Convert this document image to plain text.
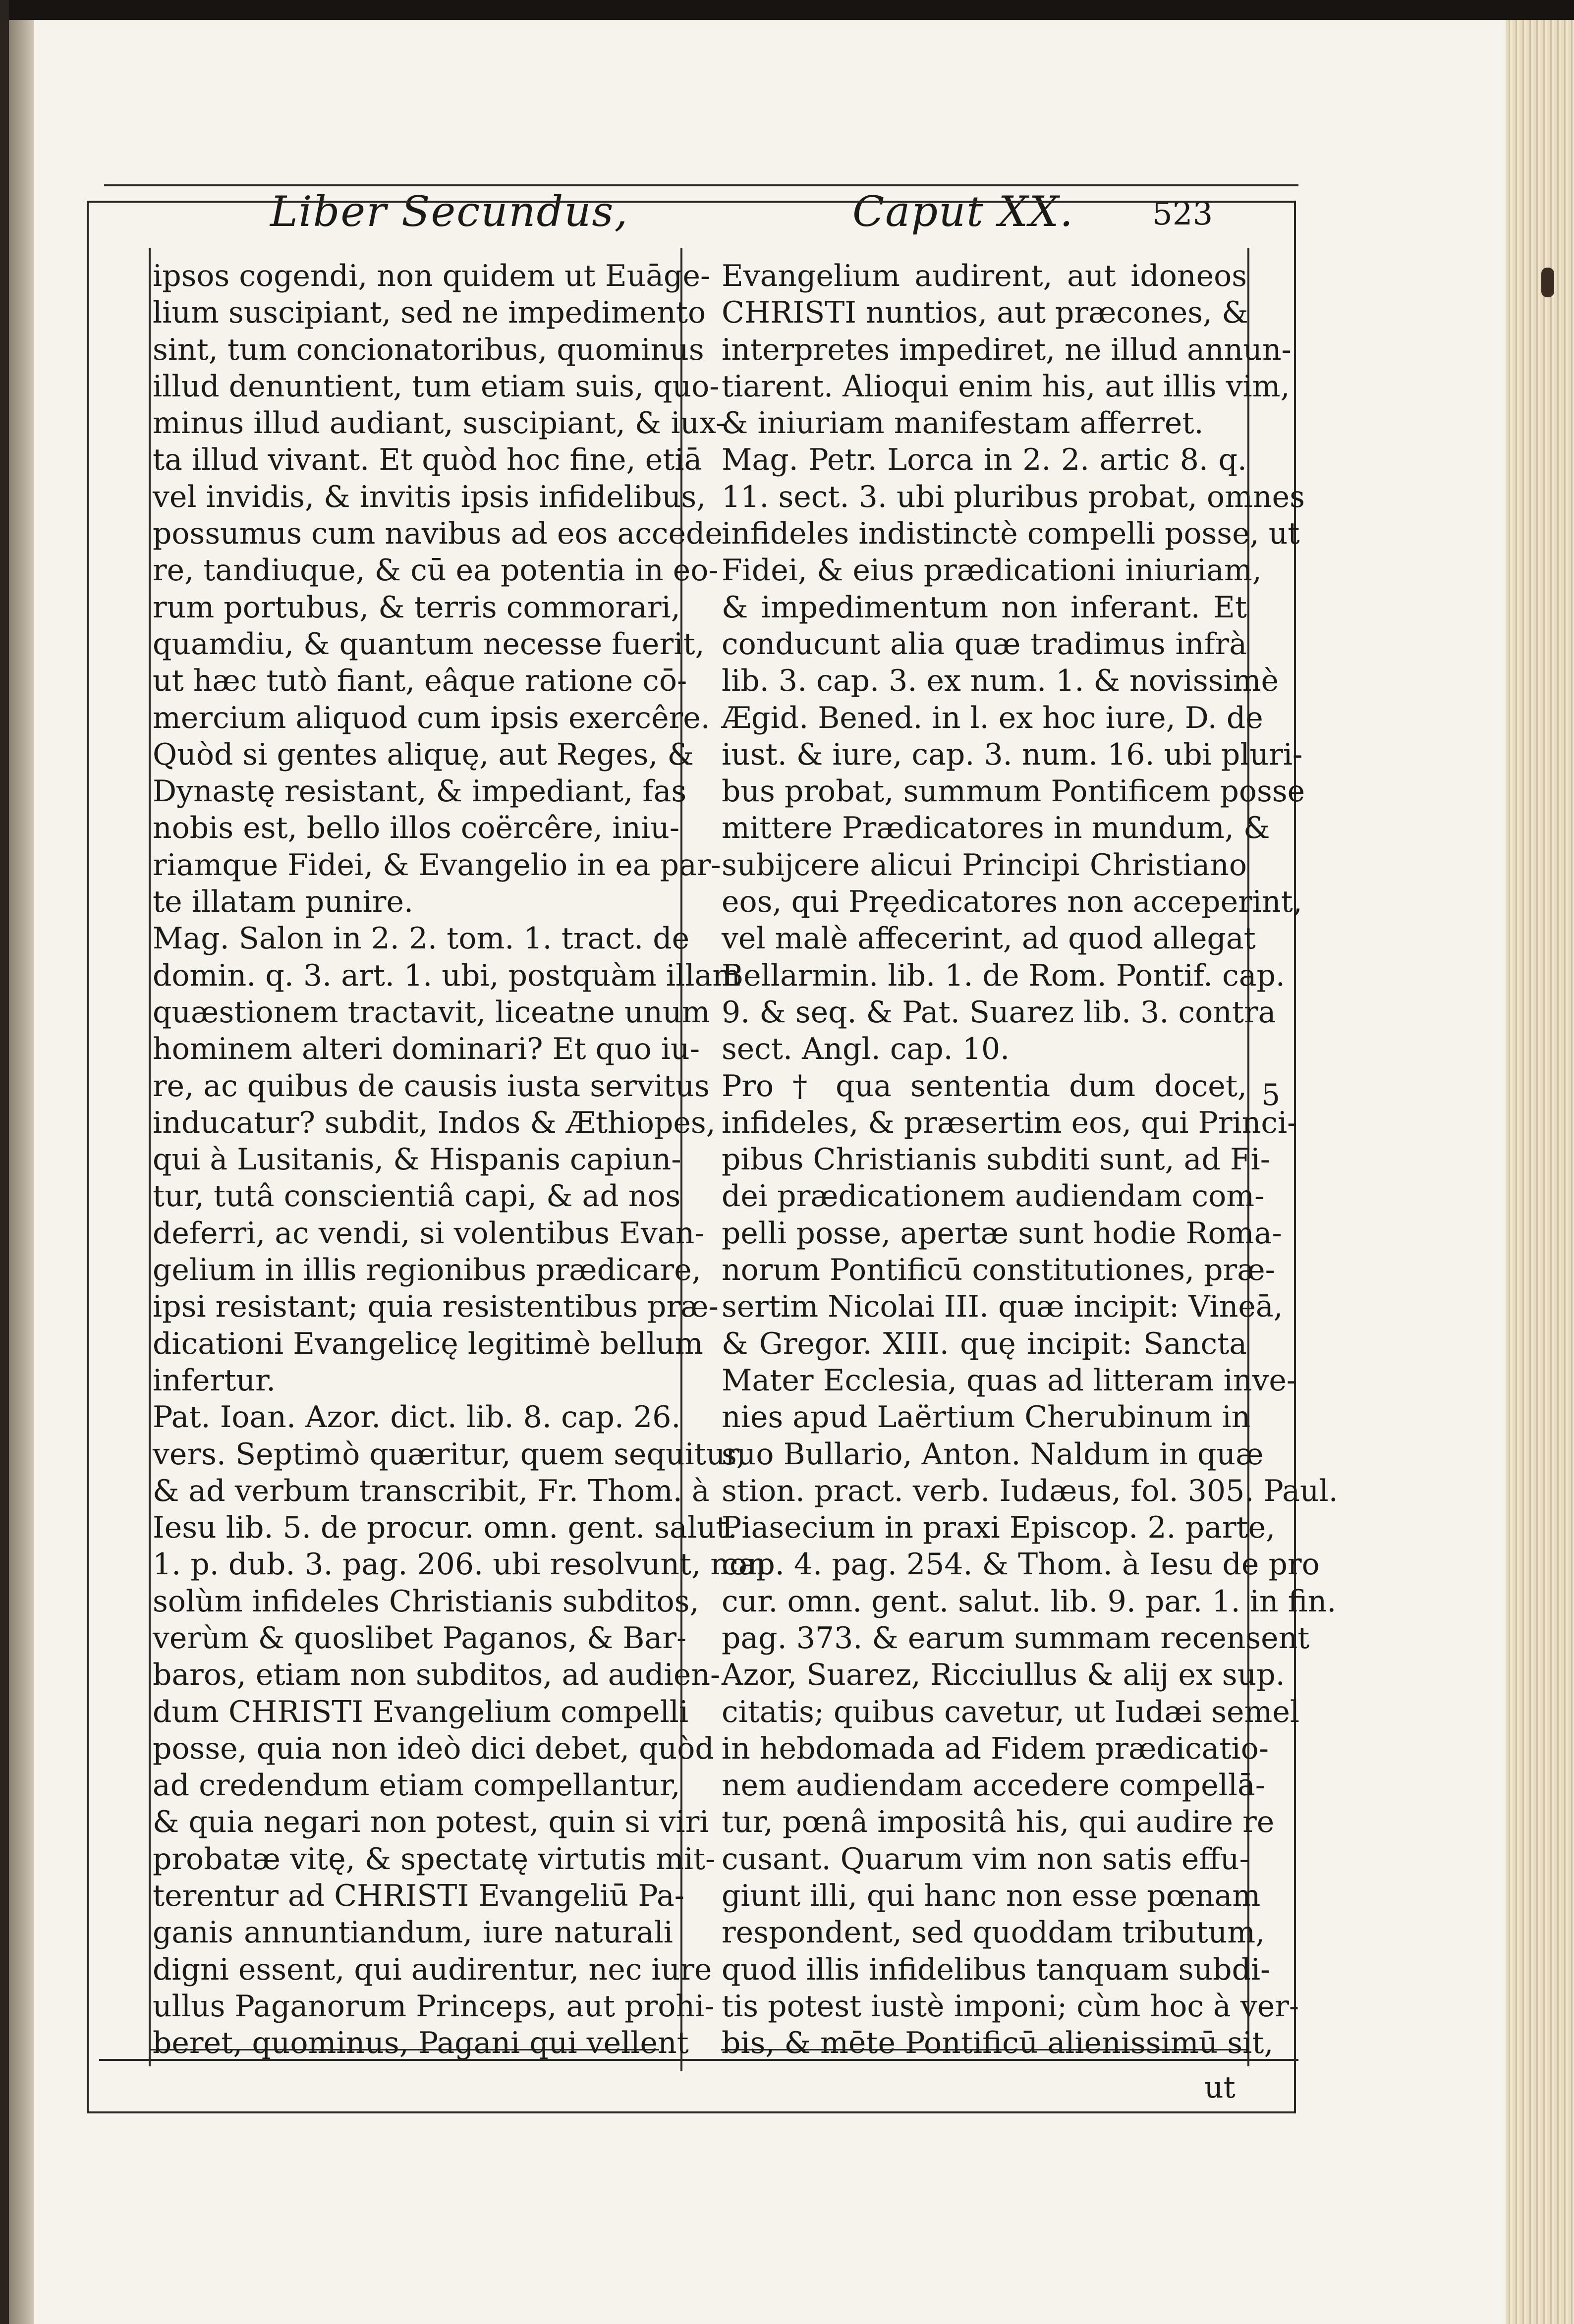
Liber Secundus,	Caput XX. 523
ipsos cogendi, non quidem ut Euāge-
lium suscipiant, sed ne impedimento
sint, tum concionatoribus, quominus
illud denuntient, tum etiam suis, quo-
minus illud audiant, suscipiant, & iux-
ta illud vivant. Et quòd hoc fine, etiā
vel invidis, & invitis ipsis infidelibus,
possumus cum navibus ad eos accede
re, tandiuque, & cū ea potentia in eo-
rum portubus, & terris commorari,
quamdiu, & quantum necesse fuerit,
ut hæc tutò fiant, eâque ratione cō-
mercium aliquod cum ipsis exercêre.
Quòd si gentes aliquę, aut Reges, &
Dynastę resistant, & impediant, fas
nobis est, bello illos coërcêre, iniu-
riamque Fidei, & Evangelio in ea par-
te illatam punire.
Mag. Salon in 2. 2. tom. 1. tract. de
domin. q. 3. art. 1. ubi, postquàm illam
quæstionem tractavit, liceatne unum
hominem alteri dominari? Et quo iu-
re, ac quibus de causis iusta servitus
inducatur? subdit, Indos & Æthiopes,
qui à Lusitanis, & Hispanis capiun-
tur, tutâ conscientiâ capi, & ad nos
deferri, ac vendi, si volentibus Evan-
gelium in illis regionibus prædicare,
ipsi resistant; quia resistentibus præ-
dicationi Evangelicę legitimè bellum
infertur.
Pat. Ioan. Azor. dict. lib. 8. cap. 26.
vers. Septimò quæritur, quem sequitur,
& ad verbum transcribit, Fr. Thom. à
Iesu lib. 5. de procur. omn. gent. salut.
1. p. dub. 3. pag. 206. ubi resolvunt, non
solùm infideles Christianis subditos,
verùm & quoslibet Paganos, & Bar-
baros, etiam non subditos, ad audien-
dum CHRISTI Evangelium compelli
posse, quia non ideò dici debet, quòd
ad credendum etiam compellantur,
& quia negari non potest, quin si viri
probatæ vitę, & spectatę virtutis mit-
terentur ad CHRISTI Evangeliū Pa-
ganis annuntiandum, iure naturali
digni essent, qui audirentur, nec iure
ullus Paganorum Princeps, aut prohi-
beret, quominus, Pagani qui vellent
Evangelium audirent, aut idoneos
CHRISTI nuntios, aut præcones, &
interpretes impediret, ne illud annun-
tiarent. Alioqui enim his, aut illis vim,
& iniuriam manifestam afferret.
Mag. Petr. Lorca in 2. 2. artic 8. q.
11. sect. 3. ubi pluribus probat, omnes
infideles indistinctè compelli posse, ut
Fidei, & eius prædicationi iniuriam,
& impedimentum non inferant. Et
conducunt alia quæ tradimus infrà
lib. 3. cap. 3. ex num. 1. & novissimè
Ægid. Bened. in l. ex hoc iure, D. de
iust. & iure, cap. 3. num. 16. ubi pluri-
bus probat, summum Pontificem posse
mittere Prædicatores in mundum, &
subijcere alicui Principi Christiano
eos, qui Pręedicatores non acceperint,
vel malè affecerint, ad quod allegat
Bellarmin. lib. 1. de Rom. Pontif. cap.
9. & seq. & Pat. Suarez lib. 3. contra
sect. Angl. cap. 10.
Pro † qua sententia dum docet,
infideles, & præsertim eos, qui Princi-
pibus Christianis subditi sunt, ad Fi-
dei prædicationem audiendam com-
pelli posse, apertæ sunt hodie Roma-
norum Pontificū constitutiones, præ-
sertim Nicolai III. quæ incipit: Vineā,
& Gregor. XIII. quę incipit: Sancta
Mater Ecclesia, quas ad litteram inve-
nies apud Laërtium Cherubinum in
suo Bullario, Anton. Naldum in quæ
stion. pract. verb. Iudæus, fol. 305. Paul.
Piasecium in praxi Episcop. 2. parte,
cap. 4. pag. 254. & Thom. à Iesu de pro
cur. omn. gent. salut. lib. 9. par. 1. in fin.
pag. 373. & earum summam recensent
Azor, Suarez, Ricciullus & alij ex sup.
citatis; quibus cavetur, ut Iudæi semel
in hebdomada ad Fidem prædicatio-
nem audiendam accedere compellā-
tur, pœnâ impositâ his, qui audire re
cusant. Quarum vim non satis effu-
giunt illi, qui hanc non esse pœnam
respondent, sed quoddam tributum,
quod illis infidelibus tanquam subdi-
tis potest iustè imponi; cùm hoc à ver-
bis, & mēte Pontificū alienissimū sit,
5
ut
